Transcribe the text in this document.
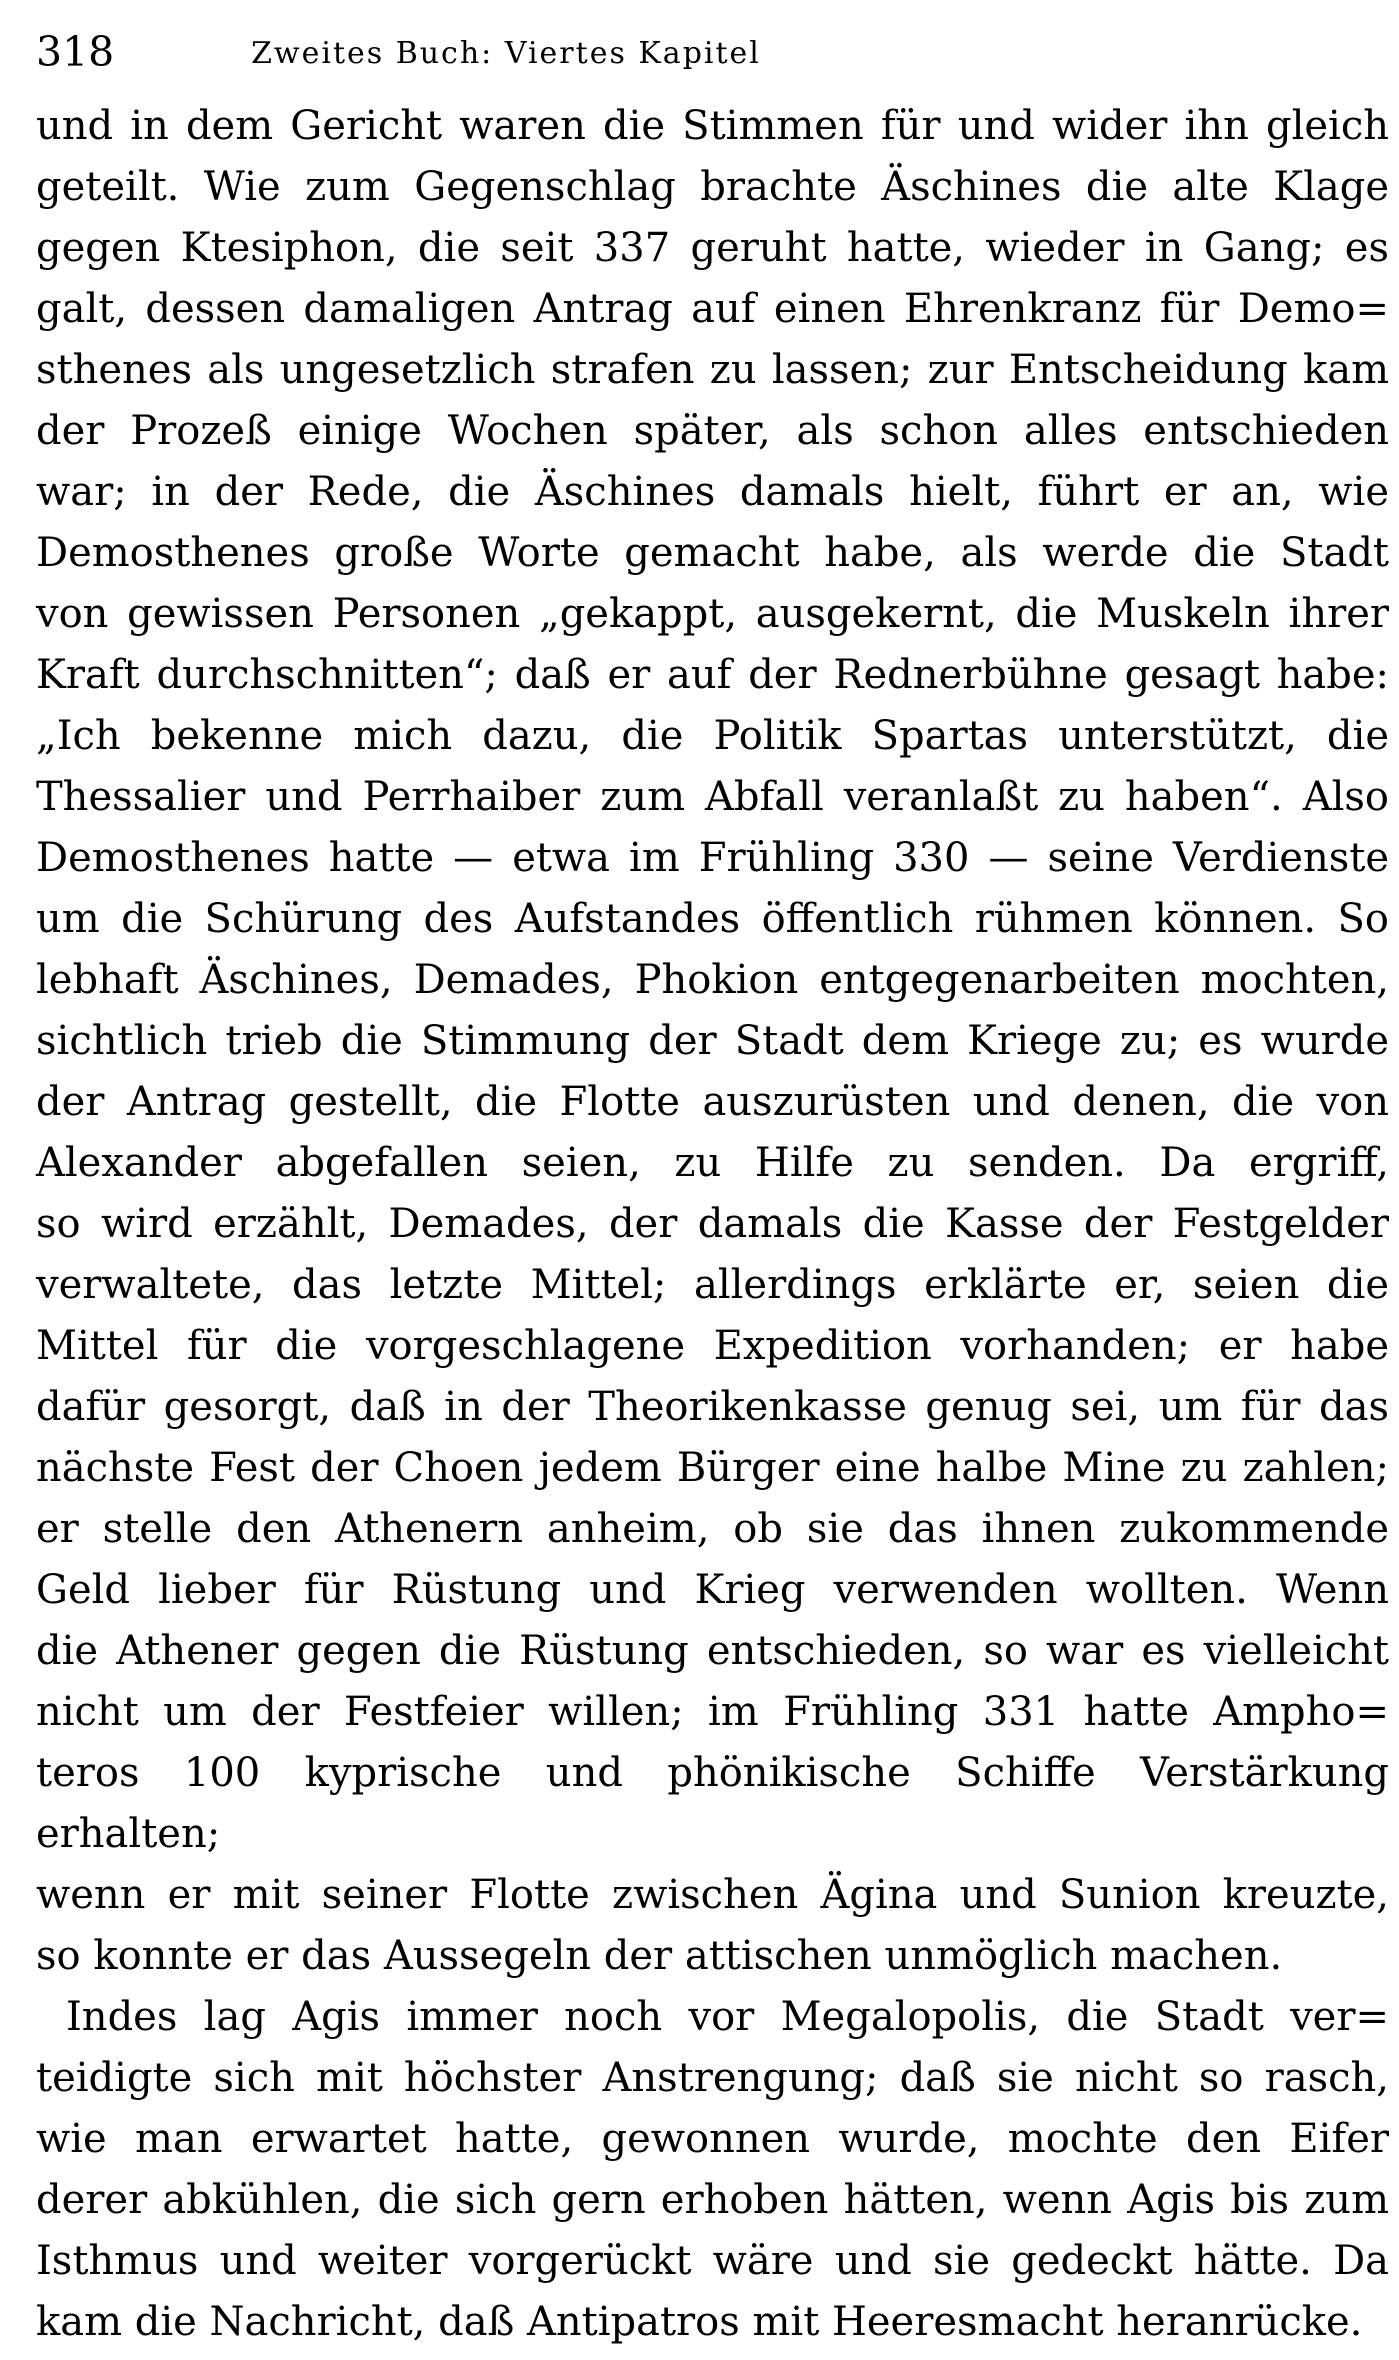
318	Zweites Buch: Viertes Kapitel
und in dem Gericht waren die Stimmen für und wider ihn gleich
geteilt. Wie zum Gegenschlag brachte Äschines die alte Klage
gegen Ktesiphon, die seit 337 geruht hatte, wieder in Gang; es
galt, dessen damaligen Antrag auf einen Ehrenkranz für Demo=
sthenes als ungesetzlich strafen zu lassen; zur Entscheidung kam
der Prozeß einige Wochen später, als schon alles entschieden
war; in der Rede, die Äschines damals hielt, führt er an, wie
Demosthenes große Worte gemacht habe, als werde die Stadt
von gewissen Personen „gekappt, ausgekernt, die Muskeln ihrer
Kraft durchschnitten“; daß er auf der Rednerbühne gesagt habe:
„Ich bekenne mich dazu, die Politik Spartas unterstützt, die
Thessalier und Perrhaiber zum Abfall veranlaßt zu haben“. Also
Demosthenes hatte — etwa im Frühling 330 — seine Verdienste
um die Schürung des Aufstandes öffentlich rühmen können. So
lebhaft Äschines, Demades, Phokion entgegenarbeiten mochten,
sichtlich trieb die Stimmung der Stadt dem Kriege zu; es wurde
der Antrag gestellt, die Flotte auszurüsten und denen, die von
Alexander abgefallen seien, zu Hilfe zu senden. Da ergriff,
so wird erzählt, Demades, der damals die Kasse der Festgelder
verwaltete, das letzte Mittel; allerdings erklärte er, seien die
Mittel für die vorgeschlagene Expedition vorhanden; er habe
dafür gesorgt, daß in der Theorikenkasse genug sei, um für das
nächste Fest der Choen jedem Bürger eine halbe Mine zu zahlen;
er stelle den Athenern anheim, ob sie das ihnen zukommende
Geld lieber für Rüstung und Krieg verwenden wollten. Wenn
die Athener gegen die Rüstung entschieden, so war es vielleicht
nicht um der Festfeier willen; im Frühling 331 hatte Ampho=
teros 100 kyprische und phönikische Schiffe Verstärkung erhalten;
wenn er mit seiner Flotte zwischen Ägina und Sunion kreuzte,
so konnte er das Aussegeln der attischen unmöglich machen.
Indes lag Agis immer noch vor Megalopolis, die Stadt ver=
teidigte sich mit höchster Anstrengung; daß sie nicht so rasch,
wie man erwartet hatte, gewonnen wurde, mochte den Eifer
derer abkühlen, die sich gern erhoben hätten, wenn Agis bis zum
Isthmus und weiter vorgerückt wäre und sie gedeckt hätte. Da
kam die Nachricht, daß Antipatros mit Heeresmacht heranrücke.
